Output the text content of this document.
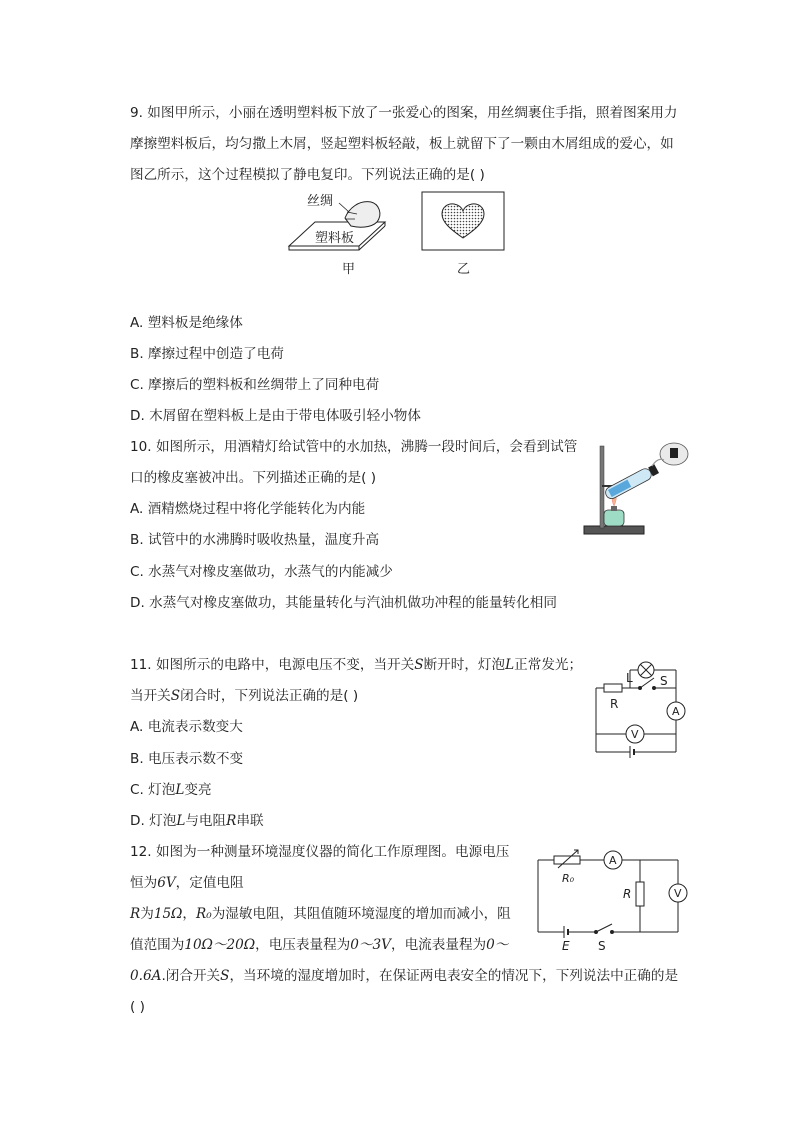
9. 如图甲所示，小丽在透明塑料板下放了一张爱心的图案，用丝绸裹住手指，照着图案用力
摩擦塑料板后，均匀撒上木屑，竖起塑料板轻敲，板上就留下了一颗由木屑组成的爱心，如
图乙所示，这个过程模拟了静电复印。下列说法正确的是( )
丝绸
塑料板
甲	乙
A. 塑料板是绝缘体
B. 摩擦过程中创造了电荷
C. 摩擦后的塑料板和丝绸带上了同种电荷
D. 木屑留在塑料板上是由于带电体吸引轻小物体
10. 如图所示，用酒精灯给试管中的水加热，沸腾一段时间后，会看到试管
口的橡皮塞被冲出。下列描述正确的是( )
A. 酒精燃烧过程中将化学能转化为内能
B. 试管中的水沸腾时吸收热量，温度升高
C. 水蒸气对橡皮塞做功，水蒸气的内能减少
D. 水蒸气对橡皮塞做功，其能量转化与汽油机做功冲程的能量转化相同
11. 如图所示的电路中，电源电压不变，当开关S断开时，灯泡L正常发光；
当开关S闭合时，下列说法正确的是( )
L S
R
A
V
A. 电流表示数变大
B. 电压表示数不变
C. 灯泡L变亮
D. 灯泡L与电阻R串联
12. 如图为一种测量环境湿度仪器的简化工作原理图。电源电压
恒为6V，定值电阻
R为15Ω，R₀为湿敏电阻，其阻值随环境湿度的增加而减小，阻
值范围为10Ω～20Ω，电压表量程为0～3V，电流表量程为0～
0.6A.闭合开关S，当环境的湿度增加时，在保证两电表安全的情况下，下列说法中正确的是
( )
R₀
A
R	V
E S
